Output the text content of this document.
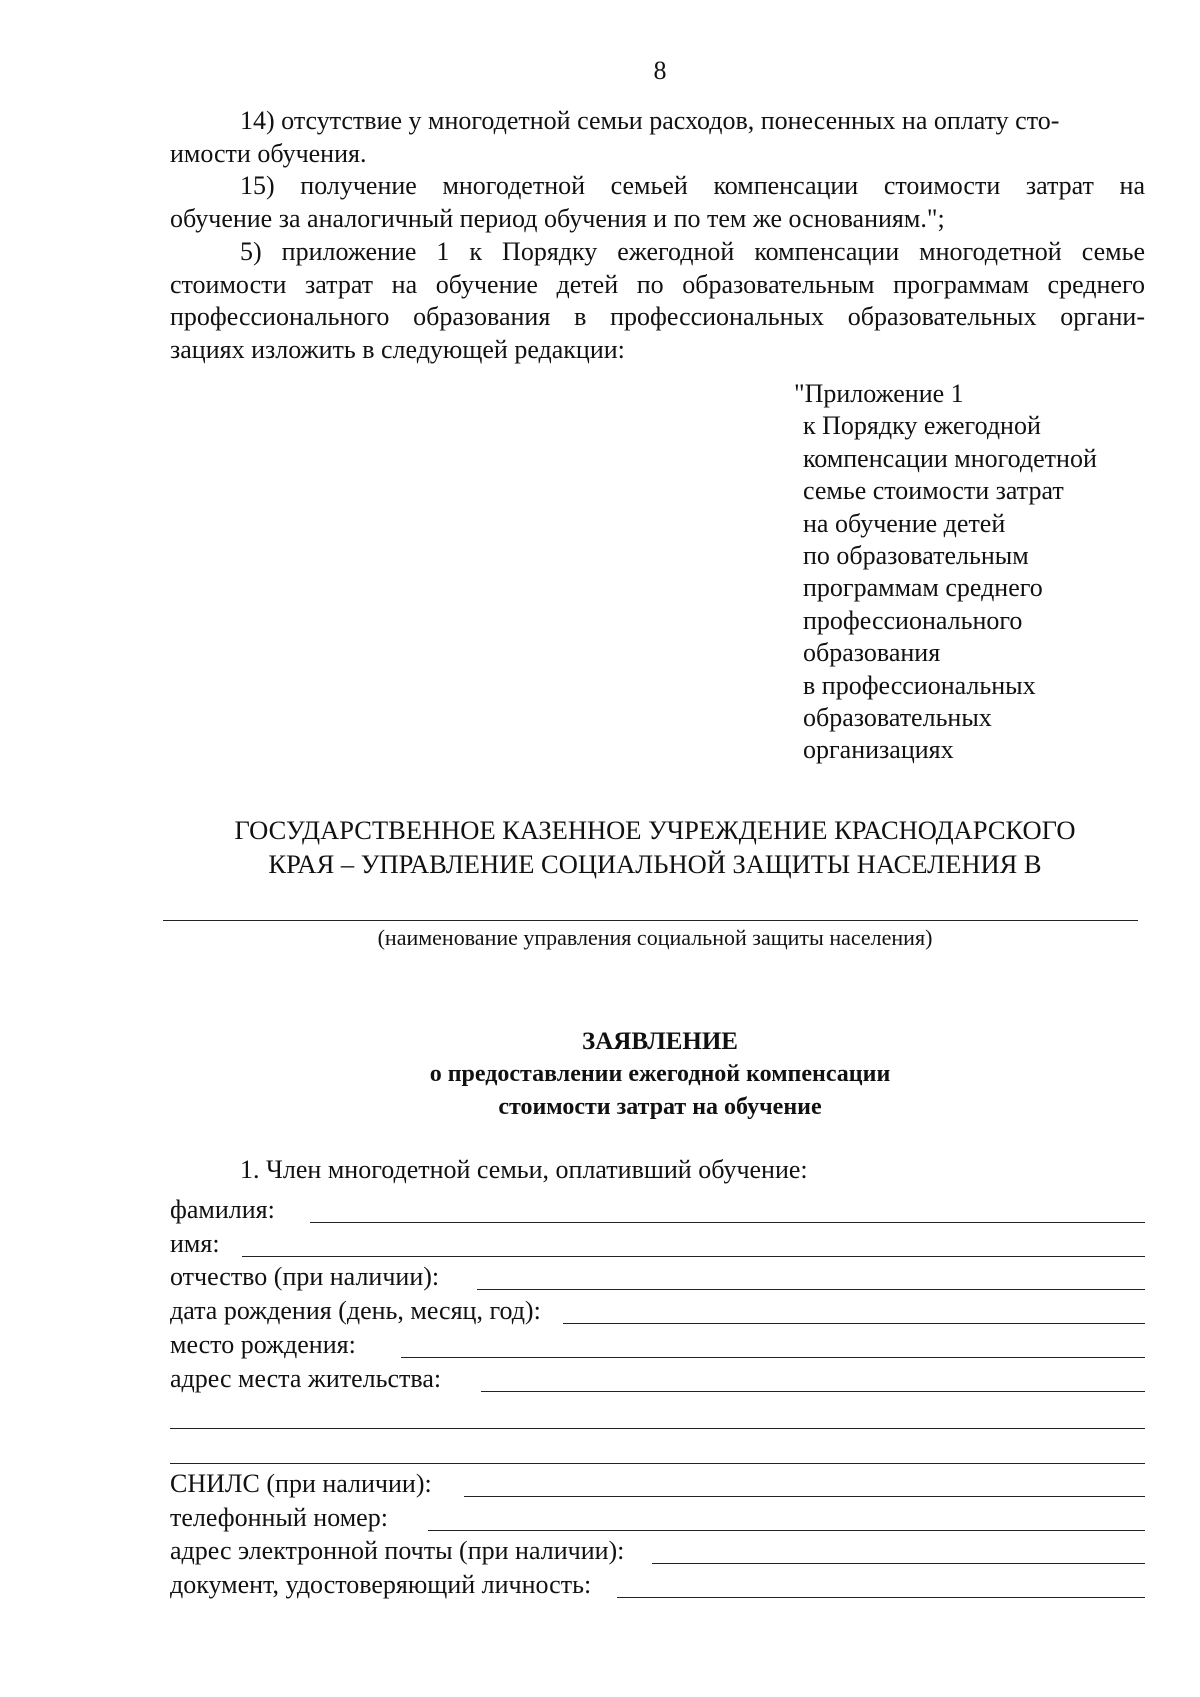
8
14) отсутствие у многодетной семьи расходов, понесенных на оплату сто-
имости обучения.
15) получение многодетной семьей компенсации стоимости затрат на
обучение за аналогичный период обучения и по тем же основаниям.";
5) приложение 1 к Порядку ежегодной компенсации многодетной семье
стоимости затрат на обучение детей по образовательным программам среднего
профессионального образования в профессиональных образовательных органи-
зациях изложить в следующей редакции:
"Приложение 1
к Порядку ежегодной
компенсации многодетной
семье стоимости затрат
на обучение детей
по образовательным
программам среднего
профессионального
образования
в профессиональных
образовательных
организациях
ГОСУДАРСТВЕННОЕ КАЗЕННОЕ УЧРЕЖДЕНИЕ КРАСНОДАРСКОГО
КРАЯ – УПРАВЛЕНИЕ СОЦИАЛЬНОЙ ЗАЩИТЫ НАСЕЛЕНИЯ В
(наименование управления социальной защиты населения)
ЗАЯВЛЕНИЕ
о предоставлении ежегодной компенсации
стоимости затрат на обучение
1. Член многодетной семьи, оплативший обучение:
фамилия:
имя:
отчество (при наличии):
дата рождения (день, месяц, год):
место рождения:
адрес места жительства:
СНИЛС (при наличии):
телефонный номер:
адрес электронной почты (при наличии):
документ, удостоверяющий личность:
